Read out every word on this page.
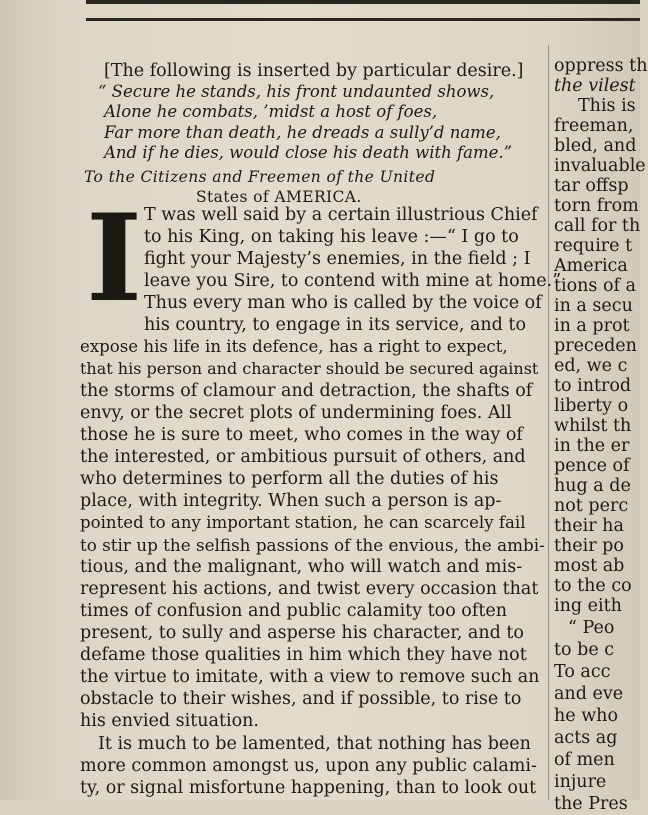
[The following is inserted by particular desire.]
“ Secure he stands, his front undaunted shows,
Alone he combats, ’midst a host of foes,
Far more than death, he dreads a sully’d name,
And if he dies, would close his death with fame.”
To the Citizens and Freemen of the United
States of AMERICA.
I T was well said by a certain illustrious Chief
to his King, on taking his leave :—“ I go to
fight your Majesty’s enemies, in the field ; I
leave you Sire, to contend with mine at home.”
Thus every man who is called by the voice of
his country, to engage in its service, and to
expose his life in its defence, has a right to expect,
that his person and character should be secured against
the storms of clamour and detraction, the shafts of
envy, or the secret plots of undermining foes. All
those he is sure to meet, who comes in the way of
the interested, or ambitious pursuit of others, and
who determines to perform all the duties of his
place, with integrity. When such a person is ap-
pointed to any important station, he can scarcely fail
to stir up the selfish passions of the envious, the ambi-
tious, and the malignant, who will watch and mis-
represent his actions, and twist every occasion that
times of confusion and public calamity too often
present, to sully and asperse his character, and to
defame those qualities in him which they have not
the virtue to imitate, with a view to remove such an
obstacle to their wishes, and if possible, to rise to
his envied situation.
It is much to be lamented, that nothing has been
more common amongst us, upon any public calami-
ty, or signal misfortune happening, than to look out
oppress th
the vilest
This is
freeman,
bled, and
invaluable
tar offsp
torn from
call for th
require t
America
tions of a
in a secu
in a prot
preceden
ed, we c
to introd
liberty o
whilst th
in the er
pence of
hug a de
not perc
their ha
their po
most ab
to the co
ing eith
“ Peo
to be c
To acc
and eve
he who
acts ag
of men
injure
the Pres
